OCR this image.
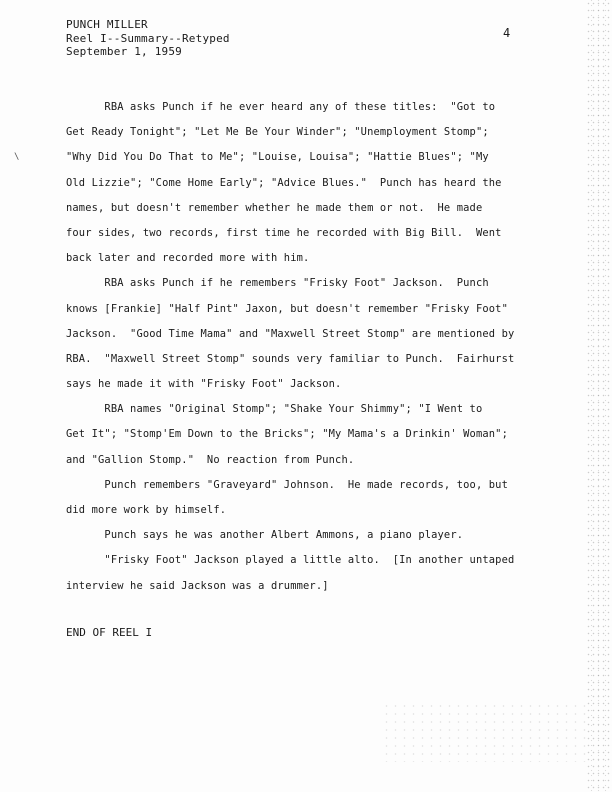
PUNCH MILLER
Reel I--Summary--Retyped
September 1, 1959
4
\
RBA asks Punch if he ever heard any of these titles:  "Got to
Get Ready Tonight"; "Let Me Be Your Winder"; "Unemployment Stomp";
"Why Did You Do That to Me"; "Louise, Louisa"; "Hattie Blues"; "My
Old Lizzie"; "Come Home Early"; "Advice Blues."  Punch has heard the
names, but doesn't remember whether he made them or not.  He made
four sides, two records, first time he recorded with Big Bill.  Went
back later and recorded more with him.
RBA asks Punch if he remembers "Frisky Foot" Jackson.  Punch
knows [Frankie] "Half Pint" Jaxon, but doesn't remember "Frisky Foot"
Jackson.  "Good Time Mama" and "Maxwell Street Stomp" are mentioned by
RBA.  "Maxwell Street Stomp" sounds very familiar to Punch.  Fairhurst
says he made it with "Frisky Foot" Jackson.
RBA names "Original Stomp"; "Shake Your Shimmy"; "I Went to
Get It"; "Stomp'Em Down to the Bricks"; "My Mama's a Drinkin' Woman";
and "Gallion Stomp."  No reaction from Punch.
Punch remembers "Graveyard" Johnson.  He made records, too, but
did more work by himself.
Punch says he was another Albert Ammons, a piano player.
"Frisky Foot" Jackson played a little alto.  [In another untaped
interview he said Jackson was a drummer.]
END OF REEL I
